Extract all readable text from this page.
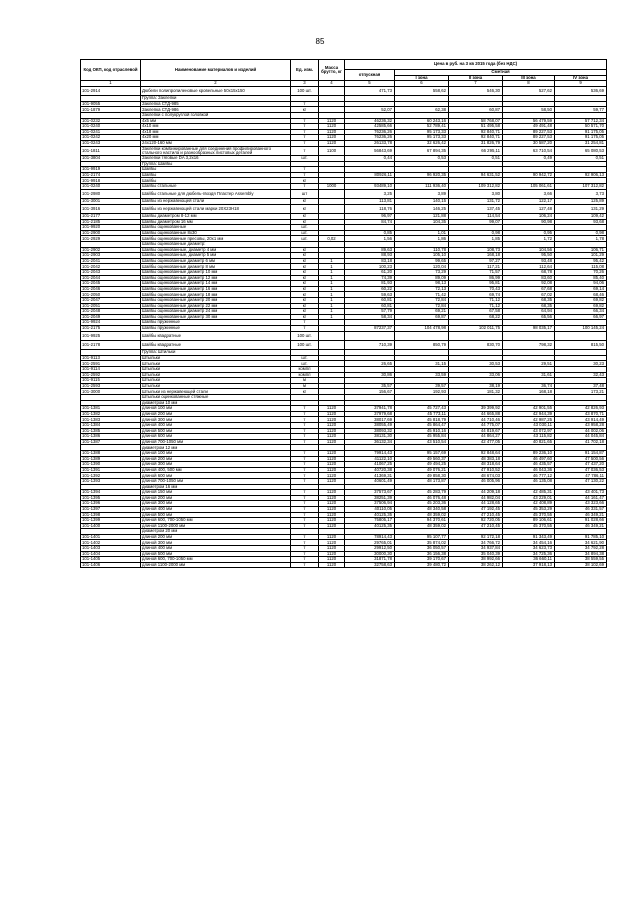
85
Код ОКП, код отраслевой	Наименование материалов и изделий	Ед. изм.	Масса брутто, кг	Цена в руб. на 3 кв 2015 года (без НДС)				
				отпускная	Сметная			
					I зона	II зона	III зона	IV зона
1	2	3	4	5	6	7	8	9
101-2914	Дюбели полипропиленовые кровельные 50х15х150	100 шт.		471,73	558,62	546,30	527,62	536,69
	Группа: Заклепки							
101-9055	Заклепка СТД-985	т						
101-1879	Заклепка СТД-986	кг		52,07	62,38	60,87	58,50	59,77
	Заклепки с полукруглой головкой							
101-0232	4х5 мм	т	1120	46236,32	60 243,16	58 768,07	56 479,59	57 712,34
101-0240	4х10 мм	т	1120	42585,66	52 789,41	51 495,58	49 491,48	50 571,70
101-0241	4х18 мм	т	1120	76236,26	95 173,33	92 840,71	89 227,53	91 175,05
101-0242	4х20 мм	т	1120	76236,26	95 173,33	92 840,71	89 227,53	91 175,05
101-0243	24х120-160 мм	т	1120	26133,78	32 626,42	31 826,79	30 587,20	31 254,81
101-1811	Заклепки комбинированные для соединения профилированного стального настила и разнообразных листовых деталей	т	1100	56843,69	67 894,35	66 295,11	63 710,54	65 080,53
101-3804	Заклепки тяговые DA 3,2х16	шт.		0,44	0,53	0,51	0,49	0,51
	Группа: Шайбы							
101-9919	Шайбы	т						
101-2174	Шайбы	т		80926,11	96 920,35	94 631,52	90 942,72	92 906,13
101-9918	Шайбы	кг						
101-0240	Шайбы стальные	т	1000	93489,10	111 936,40	109 312,82	105 061,61	107 312,82
101-2980	Шайбы стальные для дюбель-гвоздя Пластер Assembly	шт		3,25	3,89	3,80	3,66	3,73
101-3001	Шайбы из нержавеющей стали	кг		113,81	140,15	131,72	122,17	125,89
101-3916	Шайбы из нержавеющей стали марки 20Х23Н18	кг		118,76	146,25	137,45	127,48	131,29
101-2177	Шайбы диаметром 8-12 мм	кг		96,97	121,88	114,54	106,24	109,42
101-2185	Шайбы диаметром 16 мм	кг		84,74	104,35	99,07	90,98	93,68
101-9920	Шайбы оцинкованные	шт.						
101-2900	Шайбы оцинкованные 8х30	шт.		0,85	1,01	0,98	0,95	0,98
101-2929	Шайбы оцинкованные пресовы, 20х1 мм	шт.	0,02	1,56	1,86	1,85	1,72	1,78
	Шайбы оцинкованные диаметр:							
101-2902	Шайбы оцинкованные, диаметр 4 мм	кг		89,63	110,78	108,73	104,56	106,71
101-2903	Шайбы оцинкованные, диаметр 5 мм	кг		88,93	105,10	168,18	95,50	101,29
101-2041	Шайбы оцинкованные диаметр 6 мм	кг	1	83,18	99,65	97,27	93,48	95,42
101-2042	Шайбы оцинкованные диаметр 8 мм	кг	1	100,23	120,04	117,21	112,64	115,08
101-2043	Шайбы оцинкованные диаметр 10 мм	кг	1	61,20	73,29	71,57	68,78	70,26
101-2044	Шайбы оцинкованные диаметр 12 мм	кг	1	74,39	89,09	86,99	83,60	85,40
101-2045	Шайбы оцинкованные диаметр 14 мм	кг	1	81,93	98,13	95,81	92,08	94,06
101-2046	Шайбы оцинкованные диаметр 16 мм	кг	1	60,22	72,13	70,43	67,68	69,14
101-2050	Шайбы оцинкованные диаметр 18 мм	кг	1	59,63	71,42	69,74	67,02	68,46
101-2047	Шайбы оцинкованные диаметр 20 мм	кг	1	60,81	72,84	71,12	68,35	69,82
101-2051	Шайбы оцинкованные диаметр 22 мм	кг	1	60,81	72,84	71,12	68,35	69,82
101-2048	Шайбы оцинкованные диаметр 24 мм	кг	1	57,79	69,21	67,58	64,94	66,34
101-2049	Шайбы оцинкованные диаметр 30 мм	кг	1	58,34	69,87	68,22	65,56	66,97
101-9924	Шайбы пружинные	т						
101-2175	Шайбы пружинные	т		87237,37	104 478,98	102 011,75	98 035,17	100 145,24
101-9925	Шайбы квадратные	100 шт.						
101-2178	Шайбы квадратные	100 шт.		710,39	850,79	830,70	798,32	815,50
	Группа: Штильки							
101-9113	Штыльки	шт.						
101-2591	Штыльки	шт.		26,65	31,15	30,53	29,51	30,23
101-9114	Штыльки	компл						
101-2592	Штыльки	компл		30,86	33,59	33,06	31,61	32,43
101-9115	Штыльки	м						
101-2593	Штыльки	м		35,57	39,57	38,19	36,74	37,48
101-3000	Штыльки из нержавеющей стали	кг		156,67	192,93	181,32	168,18	173,21
	Штыльки оцинкованные стяжные							
	диаметром 10 мм							
101-1381	длиной 100 мм	т	1120	37941,78	45 727,43	39 399,92	42 901,55	42 826,93
101-1382	длиной 200 мм	т	1120	37979,68	45 773,11	44 665,88	42 944,39	43 870,71
101-1383	длиной 300 мм	т	1120	38017,69	45 818,79	44 710,46	42 987,25	43 914,49
101-1384	длиной 400 мм	т	1120	38055,49	45 864,47	44 775,07	43 030,11	43 958,28
101-1385	длиной 500 мм	т	1120	38093,32	45 910,16	44 819,67	43 072,97	44 002,06
101-1386	длиной 600 мм	т	1120	38131,30	45 955,84	44 864,27	43 115,82	44 045,84
101-1387	длиной 700-1050 мм	т	1120	36132,34	43 510,54	42 477,05	40 821,65	41 702,18
	диаметром 12 мм							
101-1388	длиной 100 мм	т	1120	79914,43	95 157,69	92 848,64	89 236,10	91 154,87
101-1389	длиной 200 мм	т	1120	41122,10	49 560,37	48 383,18	46 497,60	47 500,56
101-1390	длиной 300 мм	т	1120	41067,25	49 494,25	48 318,64	46 435,57	47 437,20
101-1391	длиной 400, 500 мм	т	1120	40720,38	49 076,21	47 910,52	46 043,36	47 036,53
101-1392	длиной 600 мм	т	1120	41369,31	49 858,30	48 674,03	46 777,12	47 786,11
101-1393	длиной 700-1050 мм	т	1120	40601,49	48 173,87	46 005,96	46 135,08	47 130,22
	диаметром 16 мм							
101-1394	длиной 150 мм	т	1120	37573,67	45 283,79	44 209,18	42 485,31	43 401,73
101-1395	длиной 200 мм	т	1120	38251,39	46 076,48	44 982,04	43 229,01	44 161,47
101-1396	длиной 300 мм	т	1120	37506,94	45 203,36	44 128,65	42 408,89	43 323,66
101-1397	длиной 400 мм	т	1120	40110,05	48 340,58	47 192,45	45 353,29	46 331,57
101-1398	длиной 500 мм	т	1120	40125,35	48 359,02	47 210,45	45 370,55	46 349,21
101-1399	длиной 600, 700-1050 мм	т	1120	75805,17	94 370,61	92 720,05	89 106,61	91 028,66
101-1400	длиной 1100-2000 мм	т	1120	40125,35	48 359,02	47 210,45	45 370,55	46 349,21
	диаметром 20 мм							
101-1401	длиной 200 мм	т	1120	78914,43	95 107,77	92 172,18	91 343,49	91 785,10
101-1402	длиной 300 мм	т	1120	29765,01	35 874,02	34 766,72	34 454,16	34 621,90
101-1403	длиной 400 мм	т	1120	29912,50	36 050,57	34 937,84	34 623,73	34 792,28
101-1404	длиной 500 мм	т	1120	30000,30	36 156,38	35 040,39	34 725,36	34 894,38
101-1405	длиной 600, 700-1050 мм	т	1120	31871,78	39 170,67	38 992,66	36 660,11	38 559,55
101-1406	длиной 1100-2000 мм	т	1120	32758,63	39 480,72	38 262,12	37 918,13	38 102,69
